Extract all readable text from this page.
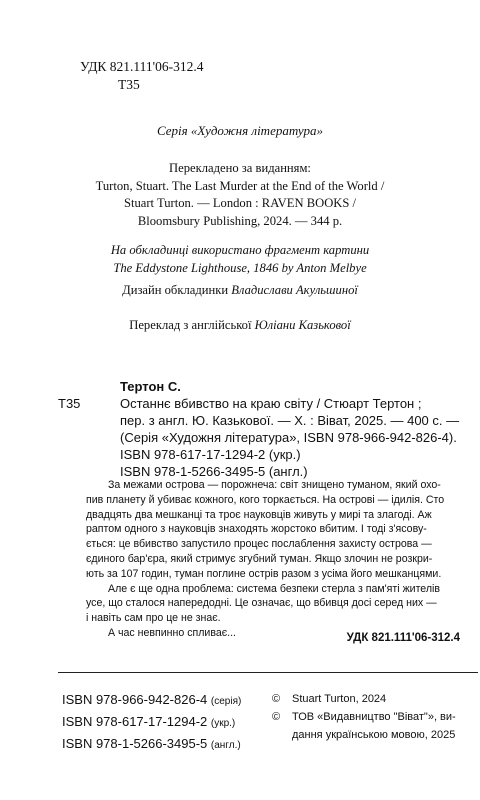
УДК 821.111'06-312.4
Т35
Серія «Художня література»
Перекладено за виданням:
Turton, Stuart. The Last Murder at the End of the World /
Stuart Turton. — London : RAVEN BOOKS /
Bloomsbury Publishing, 2024. — 344 p.
На обкладинці використано фрагмент картини
The Eddystone Lighthouse, 1846 by Anton Melbye
Дизайн обкладинки Владислави Акульшиної
Переклад з англійської Юліани Казькової
Тертон С.
Т35	Останнє вбивство на краю світу / Стюарт Тертон ;
пер. з англ. Ю. Казькової. — Х. : Віват, 2025. — 400 с. —
(Серія «Художня література», ISBN 978-966-942-826-4).
ISBN 978-617-17-1294-2 (укр.)
ISBN 978-1-5266-3495-5 (англ.)
За межами острова — порожнеча: світ знищено туманом, який охо-
пив планету й убиває кожного, кого торкається. На острові — ідилія. Сто
двадцять два мешканці та троє науковців живуть у мирі та злагоді. Аж
раптом одного з науковців знаходять жорстоко вбитим. І тоді з'ясову-
ється: це вбивство запустило процес послаблення захисту острова —
єдиного бар'єра, який стримує згубний туман. Якщо злочин не розкри-
ють за 107 годин, туман поглине острів разом з усіма його мешканцями.
Але є ще одна проблема: система безпеки стерла з пам'яті жителів
усе, що сталося напередодні. Це означає, що вбивця досі серед них —
і навіть сам про це не знає.
А час невпинно спливає...	УДК 821.111'06-312.4
ISBN 978-966-942-826-4 (серія)
ISBN 978-617-17-1294-2 (укр.)
ISBN 978-1-5266-3495-5 (англ.)
© Stuart Turton, 2024
© ТОВ «Видавництво "Віват"», ви-
дання українською мовою, 2025
